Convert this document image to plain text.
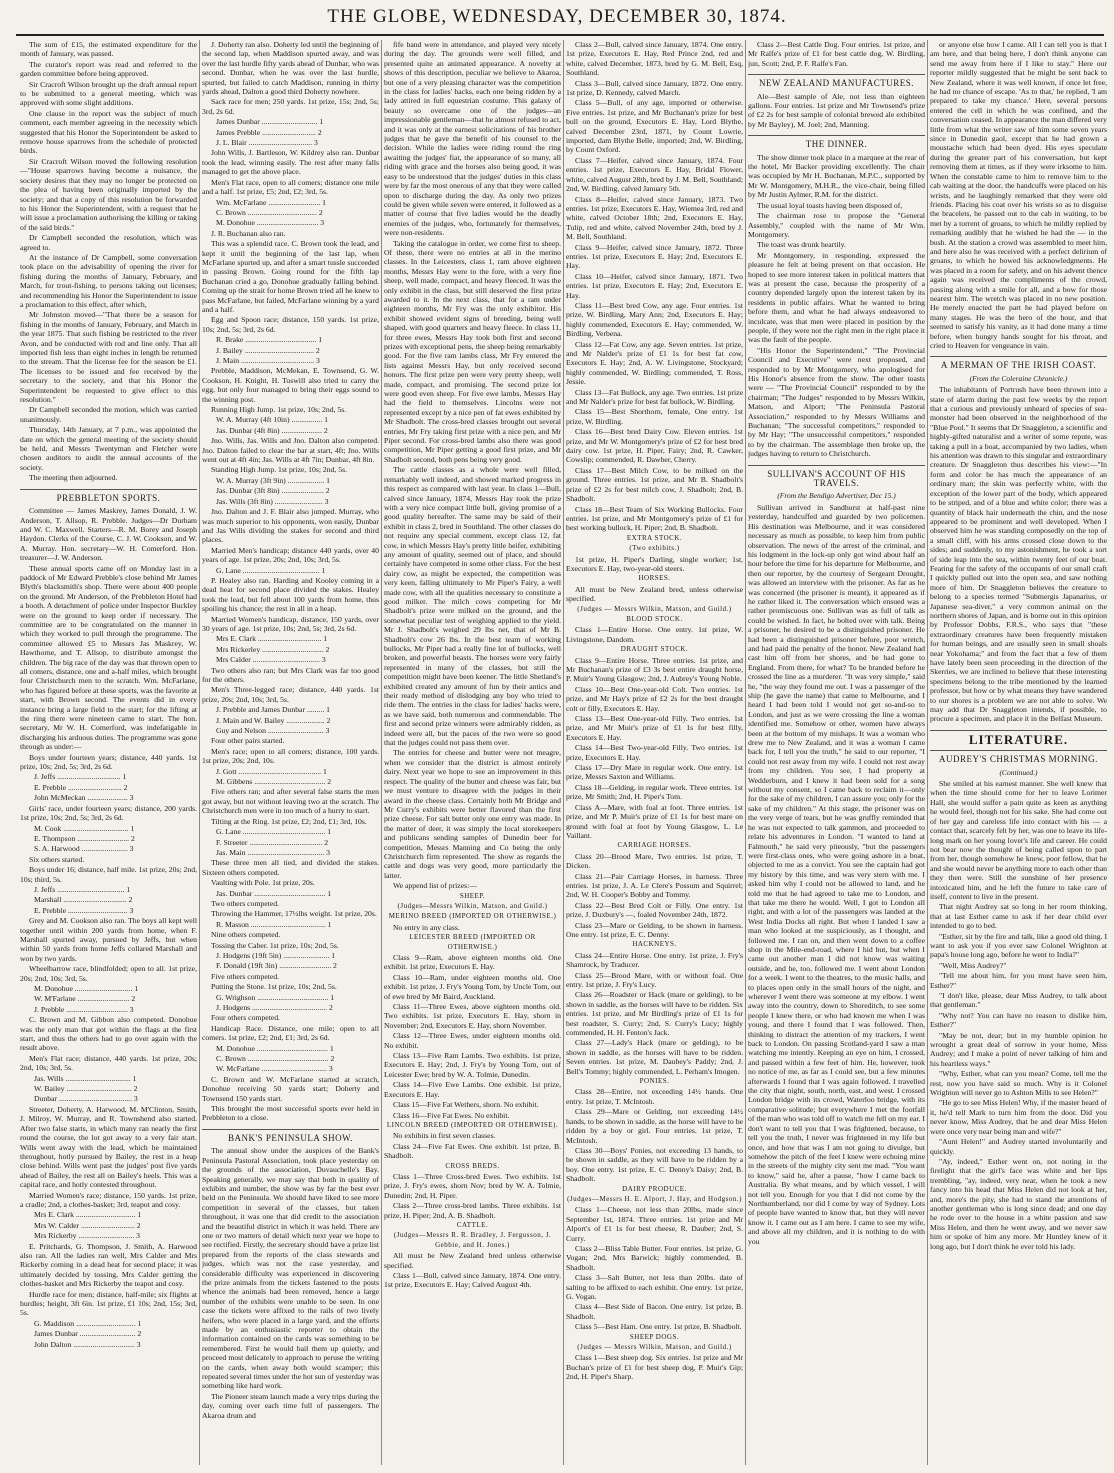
THE GLOBE, WEDNESDAY, DECEMBER 30, 1874.

The sum of £15, the estimated expenditure for the month of January, was passed.

The curator's report was read and referred to the garden committee before being approved.

Sir Cracroft Wilson brought up the draft annual report to be submitted to a general meeting, which was approved with some slight additions.

One clause in the report was the subject of much comment, each member agreeing in the necessity which suggested that his Honor the Superintendent be asked to remove house sparrows from the schedule of protected birds.

Sir Cracroft Wilson moved the following resolution—"House sparrows having become a nuisance, the society desires that they may no longer be protected on the plea of having been originally imported by the society; and that a copy of this resolution be forwarded to his Honor the Superintendent, with a request that he will issue a proclamation authorising the killing or taking of the said birds."

Dr Campbell seconded the resolution, which was agreed to.

At the instance of Dr Campbell, some conversation took place on the advisability of opening the river for fishing during the months of January, February, and March, for trout-fishing, to persons taking out licenses; and recommending his Honor the Superintendent to issue a proclamation to this effect, after which,

Mr Johnston moved—"That there be a season for fishing in the months of January, February, and March in the year 1875. That such fishing be restricted to the river Avon, and be conducted with rod and line only. That all imported fish less than eight inches in length be returned to the stream. That the license fee for the season be £1. The licenses to be issued and fee received by the secretary to the society, and that his Honor the Superintendent be requested to give effect to this resolution."

Dr Campbell seconded the motion, which was carried unanimously.

Thursday, 14th January, at 7 p.m., was appointed the date on which the general meeting of the society should be held, and Messrs Twentyman and Fletcher were chosen auditors to audit the annual accounts of the society.

The meeting then adjourned.

PREBBLETON SPORTS.

Committee — James Maskrey, James Donald, J. W. Anderson, T. Allsop, R. Prebble. Judges—Dr Durham and W. C. Maxwell. Starters—R. M. Borey and Joseph Haydon. Clerks of the Course, C. J. W. Cookson, and W. A. Murray. Hon. secretary—W. H. Comerford. Hon. treasurer—J. W. Anderson.

These annual sports came off on Monday last in a paddock of Mr Edward Prebble's close behind Mr James Blyth's blacksmith's shop. There were about 400 people on the ground. Mr Anderson, of the Prebbleton Hotel had a booth. A detachment of police under Inspector Buckley were on the ground to keep order if necessary. The committee are to be congratulated on the manner in which they worked to pull through the programme. The committee allowed £5 to Messrs Jas Maskrey, W. Hawthorne, and T. Allsop, to distribute amongst the children. The big race of the day was that thrown open to all comers, distance, one and a-half miles, which brought four Christchurch men to the scratch. Wm. McFarlane, who has figured before at these sports, was the favorite at start, with Brown second. The events did in every instance bring a large field to the start; for the lifting at the ring there were nineteen came to start. The hon. secretary, Mr W. H. Comerford, was indefatigable in discharging his arduous duties. The programme was gone through as under:—

Boys under fourteen years; distance, 440 yards. 1st prize, 10s; 2nd, 5s; 3rd, 2s 6d.

J. Jeffs ................................. 1

E. Prebble ............................ 2

John McMeckan ..................... 3

Girls' race, under fourteen years; distance, 200 yards. 1st prize, 10s; 2nd, 5s; 3rd, 2s 6d.

M. Cook .................................. 1

E. Thompson ........................... 2

S. A. Harwood ........................ 3

Six others started.

Boys under 16; distance, half mile. 1st prize, 20s; 2nd, 10s; third, 5s.

J. Jeffs ................................... 1

Marshall ................................. 2

E. Prebble ............................... 3

Grey and M. Cookson also ran. The boys all kept well together until within 200 yards from home, when F. Marshall spurted away, pursued by Jeffs, but when within 50 yards from home Jeffs collared Marshall and won by two yards.

Wheelbarrow race, blindfolded; open to all. 1st prize, 20s; 2nd, 10s; 3rd, 5s.

M. Donohue .............................. 1

W. M'Farlane ........................... 2

J. Prebble ................................ 3

C. Brown and M. Gibbon also competed. Donohue was the only man that got within the flags at the first start, and thus the others had to go over again with the result above.

Men's Flat race; distance, 440 yards. 1st prize, 20s; 2nd, 10s; 3rd, 5s.

Jas. Wills .................................. 1

W. Bailey .................................. 2

Dunbar ...................................... 3

Streeter, Doherty, A. Harwood, M. M'Clinton, Smith, J. Milroy, W. Murray, and R. Townshend also started. After two false starts, in which many ran nearly the first round the course, the lot got away to a very fair start. Wills went away with the lead, which he maintained throughout, hotly pursued by Bailey, the rest in a heap close behind. Wills went past the judges' post five yards ahead of Bailey, the rest all on Bailey's heels. This was a capital race, and hotly contested throughout.

Married Women's race; distance, 150 yards. 1st prize, a cradle; 2nd, a clothes-basket; 3rd, teapot and cosy.

Mrs E. Clark ............................... 1

Mrs W. Calder ............................ 2

Mrs Rickerby ............................. 3

E. Pritchards, G. Thompson, J. Smith, A. Harwood also ran. All the ladies ran well, Mrs Calder and Mrs Rickerby coming in a dead heat for second place; it was ultimately decided by tossing, Mrs Calder getting the clothes-basket and Mrs Rickerby the teapot and cosy.

Hurdle race for men; distance, half-mile; six flights at hurdles; height, 3ft 6in. 1st prize, £1 10s; 2nd, 15s; 3rd, 5s.

G. Maddison ............................... 1

James Dunbar ............................. 2

John Dalton ................................ 3

J. Doherty ran also. Doherty led until the beginning of the second lap, when Maddison spurted away, and was over the last hurdle fifty yards ahead of Dunbar, who was second. Dunbar, when he was over the last hurdle, spurted, but failed to catch Maddison, running in thirty yards ahead, Dalton a good third Doherty nowhere.

Sack race for men; 250 yards. 1st prize, 15s; 2nd, 5s; 3rd, 2s 6d.

James Dunbar ............................. 1

James Prebble ............................ 2

J. L. Blair ................................. 3

John Wills, J. Bartleson, W. Kildrey also ran. Dunbar took the lead, winning easily. The rest after many falls managed to get the above place.

Men's Flat race, open to all comers; distance one mile and a half. 1st prize, £5; 2nd, £2; 3rd, 5s.

Wm. McFarlane ........................... 1

C. Brown .................................... 2

M. Donohue ................................ 3

J. R. Buchanan also ran.

This was a splendid race. C. Brown took the lead, and kept it until the beginning of the last lap, when McFarlane spurted up, and after a smart tussle succeeded in passing Brown. Going round for the fifth lap Buchanan cried a go, Donohue gradually falling behind. Coming up the strait for home Brown tried all he knew to pass McFarlane, but failed, McFarlane winning by a yard and a half.

Egg and Spoon race; distance, 150 yards. 1st prize, 10s; 2nd, 5s; 3rd, 2s 6d.

R. Brake ..................................... 1

J. Bailey .................................... 2

J. Main ...................................... 3

Prebble, Maddison, McMekan, E. Townsend, G. W. Cookson, H. Knight, H. Toswill also tried to carry the egg, but only four managed to bring their eggs sound to the winning post.

Running High Jump. 1st prize, 10s; 2nd, 5s.

W. A. Murray (4ft 10in) ................ 1

Jas. Dunbar (4ft 8in) ..................... 2

Jno. Wills, Jas. Wills and Jno. Dalton also competed. Jno. Dalton failed to clear the bar at start, 4ft; Jno. Wills went out at 4ft 4in; Jas. Wills at 4ft 7in; Dunbar, 4ft 8in.

Standing High Jump. 1st prize, 10s; 2nd, 5s.

W. A. Murray (3ft 9in) ................... 1

Jas. Dunbar (3ft 8in) ...................... 2

Jas. Wills (3ft 8in) ......................... 3

Jno. Dalton and J. F. Blair also jumped. Murray, who was much superior to his opponents, won easily, Dunbar and Jas Wills dividing the stakes for second and third places.

Married Men's handicap; distance 440 yards, over 40 years of age. 1st prize, 20s; 2nd, 10s; 3rd, 5s.

G. Lane ........................................ 1

P. Healey also ran. Harding and Kooley coming in a dead heat for second place divided the stakes. Healey took the lead, but fell about 100 yards from home, thus spoiling his chance; the rest in all in a heap.

Married Women's handicap, distance, 150 yards, over 30 years of age. 1st prize, 10s; 2nd, 5s; 3rd, 2s 6d.

Mrs E. Clark ................................. 1

Mrs Rickerley ................................ 2

Mrs Calder ................................... 3

Two others also ran; but Mrs Clark was far too good for the others.

Men's Three-legged race; distance, 440 yards. 1st prize, 20s; 2nd, 10s; 3rd, 5s.

J. Prebble and James Dunbar ......... 1

J. Main and W. Bailey .................... 2

Guy and Nelson ............................. 3

Four other pairs started.

Men's race; open to all comers; distance, 100 yards. 1st prize, 20s; 2nd, 10s.

J. Gott ........................................... 1

M. Gibbens ..................................... 2

Five others ran; and after several false starts the men got away, but not without leaving two at the scratch. The Christchurch men were in too much of a hurry to start.

Tilting at the Ring. 1st prize, £2; 2nd, £1; 3rd, 10s.

G. Lane ........................................... 1

F. Streeter ...................................... 2

Jas. Main ........................................ 3

These three men all tied, and divided the stakes. Sixteen others competed.

Vaulting with Pole. 1st prize, 20s.

Jas. Dunbar ..................................... 1

Two others competed.

Throwing the Hammer, 17½lbs weight. 1st prize, 20s.

R. Masson ....................................... 1

Nine others competed.

Tossing the Caber. 1st prize, 10s; 2nd, 5s.

J. Hodgens (19ft 5in) ........................ 1

F. Donald (19ft 3in) ........................... 2

Five others competed.

Putting the Stone. 1st prize, 10s; 2nd, 5s.

G. Wrighson ..................................... 1

J. Hodgens ....................................... 2

Four others competed.

Handicap Race. Distance, one mile; open to all comers. 1st prize, £2; 2nd, £1; 3rd, 2s 6d.

M. Donohue ..................................... 1

C. Brown .......................................... 2

W. McFarlane .................................. 3

C. Brown and W. McFarlane started at scratch, Donohue receiving 50 yards start; Doherty and Townsend 150 yards start.

This brought the most successful sports ever held in Prebbleton to a close.

BANK'S PENINSULA SHOW.

The annual show under the auspices of the Bank's Peninsula Pastoral Association, took place yesterday on the grounds of the association, Duvauchelle's Bay. Speaking generally, we may say that both in quality of exhibits and number, the show was by far the best ever held on the Peninsula. We should have liked to see more competition in several of the classes, but taken throughout, it was one that did credit to the association and the beautiful district in which it was held. There are one or two matters of detail which next year we hope to see rectified. Firstly, the secretary should have a prize list prepared from the reports of the class stewards and judges, which was not the case yesterday, and considerable difficulty was experienced in discovering the prize animals from the tickets fastened to the posts whence the animals had been removed, hence a large number of the exhibits were unable to be seen. In one case the tickets were affixed to the rails of two lively heifers, who were placed in a large yard, and the efforts made by an enthusiastic reporter to obtain the information contained on the cards was something to be remembered. First he would bail them up quietly, and proceed most delicately to approach to peruse the writing on the cards, when away both would scamper; this repeated several times under the hot sun of yesterday was something like hard work.

The Pioneer steam launch made a very trips during the day, coming over each time full of passengers. The Akaroa drum and

fife band were in attendance, and played very nicely during the day. The grounds were well filled, and presented quite an animated appearance. A novelty at shows of this description, peculiar we believe to Akaroa, but one of a very pleasing character was the competition in the class for ladies' hacks, each one being ridden by a lady attired in full equestrian costume. This galaxy of beauty so overcame one of the judges—an impressionable gentleman—that he almost refused to act, and it was only at the earnest solicitations of his brother judges that he gave the benefit of his counsel to the decision. While the ladies were riding round the ring awaiting the judges' fiat, the appearance of so many, all riding with grace and the horses also being good, it was easy to be understood that the judges' duties in this class were by far the most onerous of any that they were called upon to discharge during the day. As only two prizes could be given while seven were entered, it followed as a matter of course that five ladies would be the deadly enemies of the judges, who, fortunately for themselves, were non-residents.

Taking the catalogue in order, we come first to sheep. Of these, there were no entries at all in the merino classes. In the Leicesters, class 1, ram above eighteen months, Messrs Hay were to the fore, with a very fine sheep, well made, compact, and heavy fleeced. It was the only exhibit in the class, but still deserved the first prize awarded to it. In the next class, that for a ram under eighteen months, Mr Fry was the only exhibitor. His exhibit showed evident signs of breeding, being well shaped, with good quarters and heavy fleece. In class 11, for three ewes, Messrs Hay took both first and second prizes with exceptional pens, the sheep being remarkably good. For the five ram lambs class, Mr Fry entered the lists against Messrs Hay, but only received second honors. The first prize pen were very pretty sheep, well made, compact, and promising. The second prize lot were good even sheep. For five ewe lambs, Messrs Hay had the field to themselves. Lincolns were not represented except by a nice pen of fat ewes exhibited by Mr Shadbolt. The cross-bred classes brought out several entries, Mr Fry taking first prize with a nice pen, and Mr Piper second. For cross-bred lambs also there was good competition, Mr Piper getting a good first prize, and Mr Shadbolt second, both pens being very good.

The cattle classes as a whole were well filled, remarkably well indeed, and showed marked progress in this respect as compared with last year. In class 1—Bull, calved since January, 1874, Messrs Hay took the prize with a very nice compact little bull, giving promise of a good quality hereafter. The same may be said of their exhibit in class 2, bred in Southland. The other classes do not require any special comment, except class 12, fat cow, in which Messrs Hay's pretty little heifer, exhibiting any amount of quality, seemed out of place, and should certainly have competed in some other class. For the best dairy cow, as might be expected, the competition was very keen, falling ultimately to Mr Piper's Fairy, a well made cow, with all the qualities necessary to constitute a good milker. The milch cows competing for Mr Shadbolt's prize were milked on the ground, and the somewhat peculiar test of weighing applied to the yield. Mr J. Shadbolt's weighed 29 lbs net, that of Mr B. Shadbolt's cow 26 lbs. In the best team of working bullocks, Mr Piper had a really fine lot of bullocks, well broken, and powerful beasts. The horses were very fairly represented in many of the classes, but still the competition might have been keener. The little Shetland's exhibited created any amount of fun by their antics and their ready method of dislodging any boy who tried to ride them. The entries in the class for ladies' hacks were, as we have said, both numerous and commendable. The first and second prize winners were admirably ridden, as indeed were all, but the paces of the two were so good that the judges could not pass them over.

The entries for cheese and butter were not meagre, when we consider that the district is almost entirely dairy. Next year we hope to see an improvement in this respect. The quality of the butter and cheese was fair, but we must venture to disagree with the judges in their award in the cheese class. Certainly both Mr Bridge and Mr Curry's exhibits were better flavored than the first prize cheese. For salt butter only one entry was made. In the matter of deer, it was simply the local storekeepers and publicans sending samples of Dunedin beer for competition, Messrs Manning and Co being the only Christchurch firm represented. The show as regards the cattle and dogs was very good, more particularly the latter.

We append list of prizes:—

SHEEP.
(Judges—Messrs Wilkin, Matson, and Guild.)
MERINO BREED (IMPORTED OR OTHERWISE.)

No entry in any class.

LEICESTER BREED (IMPORTED OR OTHERWISE.)

Class 9—Ram, above eighteen months old. One exhibit. 1st prize, Executors E. Hay.

Class 10—Ram, under eighteen months old. One exhibit. 1st prize, J. Fry's Young Tom, by Uncle Tom, out of ewe bred by Mr Baird, Auckland.

Class 11—Three Ewes, above eighteen months old. Two exhibits. 1st prize, Executors E. Hay, shorn in November; 2nd, Executors E. Hay, shorn November.

Class 12—Three Ewes, under eighteen months old. No exhibit.

Class 13—Five Ram Lambs. Two exhibits. 1st prize, Executors E. Hay; 2nd, J. Fry's by Young Tom, out of Leicester Ewe; bred by W. A. Tolmie, Dunedin.

Class 14—Five Ewe Lambs. One exhibit. 1st prize, Executors E. Hay.

Class 15—Five Fat Wethers, shorn. No exhibit.

Class 16—Five Fat Ewes. No exhibit.

LINCOLN BREED (IMPORTED OR OTHERWISE).

No exhibits in first seven classes.

Class 24—Five Fat Ewes. One exhibit. 1st prize, B. Shadbolt.

CROSS BREDS.

Class 1—Three Cross-bred Ewes. Two exhibits. 1st prize, J. Fry's ewes, shorn Nov; bred by W. A. Tolmie, Dunedin; 2nd, H. Piper.

Class 2—Three cross-bred lambs. Three exhibits. 1st prize, H. Piper; 2nd, A. B. Shadbolt.

CATTLE.
(Judges—Messrs R. R. Bradley, J. Fergusson, J. Gebbie, and H. Jones.)

All must be New Zealand bred unless otherwise specified.

Class 1—Bull, calved since January, 1874. One entry. 1st prize, Executors E. Hay; Calved August 4th.

Class 2—Bull, calved since January, 1874. One entry. 1st prize, Executors E. Hay, Red Prince 2nd, red and white, calved December, 1873, bred by G. M. Bell, Esq, Southland.

Class 3—Bull, calved since January, 1872. One entry. 1st prize, D. Kennedy, calved March.

Class 5—Bull, of any age, imported or otherwise. Five entries. 1st prize, and Mr Buchanan's prize for best bull on the ground, Executors E. Hay, Lord Blythe, calved December 23rd, 1871, by Count Lowrie, imported, dam Blythe Belle, imported; 2nd, W. Birdling, by Count Oxford.

Class 7—Heifer, calved since January, 1874. Four entries. 1st prize, Executors E. Hay, Bridal Flower, white, calved August 28th, bred by J. M. Bell, Southland; 2nd, W. Birdling, calved January 5th.

Class 8—Heifer, calved since January, 1873. Two entries. 1st prize, Executors E. Hay, Wiemea 3rd, red and white, calved October 18th; 2nd, Executors E. Hay, Tulip, red and white, calved November 24th, bred by J. M. Bell, Southland.

Class 9—Heifer, calved since January, 1872. Three entries. 1st prize, Executors E. Hay; 2nd, Executors E. Hay.

Class 10—Heifer, calved since January, 1871. Two entries. 1st prize, Executors E. Hay; 2nd, Executors E. Hay.

Class 11—Best bred Cow, any age. Four entries. 1st prize, W. Birdling, Mary Ann; 2nd, Executors E. Hay; highly commended, Executors E. Hay; commended, W. Birdling, Verbena.

Class 12—Fat Cow, any age. Seven entries. 1st prize, and Mr Nalder's prize of £1 1s for best fat cow, Executors E. Hay; 2nd, A. W. Livingstone, Stockyard; highly commended, W. Birdling; commended, T. Ross, Jessie.

Class 13—Fat Bullock, any age. Two entries. 1st prize and Mr Nalder's prize for best fat bullock, W. Birdling.

Class 15—Best Shorthorn, female, One entry. 1st prize, W. Birdling.

Class 16—Best bred Dairy Cow. Eleven entries. 1st prize, and Mr W. Montgomery's prize of £2 for best bred dairy cow. 1st prize, H. Piper, Fairy; 2nd, R. Cawker, Cowslip; commended, R. Dawber, Cherry.

Class 17—Best Milch Cow, to be milked on the ground. Three entries. 1st prize, and Mr B. Shadbolt's prize of £2 2s for best milch cow, J. Shadbolt; 2nd, B. Shadbolt.

Class 18—Best Team of Six Working Bullocks. Four entries. 1st prize, and Mr Montgomery's prize of £1 for best working bullock, H. Piper; 2nd, B. Shadbolt.

EXTRA STOCK.
(Two exhibits.)

1st prize, H. Piper's Darling, single worker; 1st, Executors E. Hay, two-year-old steers.

HORSES.

All must be New Zealand bred, unless otherwise specified.

(Judges — Messrs Wilkin, Matson, and Guild.)
BLOOD STOCK.

Class 1—Entire Horse. One entry. 1st prize, W. Livingstone, Dandom.

DRAUGHT STOCK.

Class 9—Entire Horse. Three entries. 1st prize, and Mr Buchanan's prize of £3 3s best entire draught horse, P. Muir's Young Glasgow; 2nd, J. Aubrey's Young Noble.

Class 10—Best One-year-old Colt. Two entries. 1st prize, and Mr Hay's prize of £2 2s for the best draught colt or filly, Executors E. Hay.

Class 13—Best One-year-old Filly. Two entries. 1st prize, and Mr Muir's prize of £1 1s for best filly, Executors E. Hay.

Class 14—Best Two-year-old Filly. Two entries. 1st prize, Executors E. Hay.

Class 17—Dry Mare in regular work. One entry. 1st prize, Messrs Saxton and Williams.

Class 18—Gelding, in regular work. Three entries. 1st prize, Mr Smith; 2nd, H. Piper's Tom.

Class A—Mare, with foal at foot. Three entries. 1st prize, and Mr P. Muir's prize of £1 1s for best mare on ground with foal at foot by Young Glasgow, L. Le Vaillant.

CARRIAGE HORSES.

Class 20—Brood Mare, Two entries. 1st prize, T. Dicken.

Class 21—Pair Carriage Horses, in harness. Three entries. 1st prize, J. A. Le Clere's Possum and Squirrel; 2nd, W. H. Cooper's Bobby and Tommy.

Class 22—Best Bred Colt or Filly. One entry. 1st prize, J. Duxbury's —, foaled November 24th, 1872.

Class 23—Mare or Gelding, to be shown in harness. One entry. 1st prize, E. C. Denny.

HACKNEYS.

Class 24—Entire Horse. One entry. 1st prize, J. Fry's Shamrock, by Traducer.

Class 25—Brood Mare, with or without foal. One entry. 1st prize, J. Fry's Lucy.

Class 26—Roadster or Hack (mare or gelding), to be shown in saddle, as the horses will have to be ridden. Six entries. 1st prize, and Mr Birdling's prize of £1 1s for best roadster, S. Curry; 2nd, S. Curry's Lucy; highly commended, H. H. Fenton's Jack.

Class 27—Lady's Hack (mare or gelding), to be shown in saddle, as the horses will have to be ridden. Seven entries. 1st prize, M. Daubey's Paddy; 2nd, J. Bell's Tommy; highly commended, L. Perham's Imogen.

PONIES.

Class 28—Entire, not exceeding 14½ hands. One entry. 1st prize, T. McIntosh.

Class 29—Mare or Gelding, not exceeding 14½ hands, to be shown in saddle, as the horse will have to be ridden by a boy or girl. Four entries. 1st prize, T. McIntosh.

Class 30—Boys' Ponies, not exceeding 13 hands, to be shown in saddle, as they will have to be ridden by a boy. One entry. 1st prize, E. C. Denny's Daisy; 2nd, B. Shadbolt.

DAIRY PRODUCE.
(Judges—Messrs H. E. Alport, J. Hay, and Hodgson.)

Class 1—Cheese, not less than 20lbs, made since September 1st, 1874. Three entries. 1st prize and Mr Alport's of £1 1s for best cheese, R. Dauber; 2nd, S. Curry.

Class 2—Bliss Table Butter. Four entries. 1st prize, G. Vogan; 2nd, Mrs Barwick; highly commended, B. Shadbolt.

Class 3—Salt Butter, not less than 20lbs. date of salting to be affixed to each exhibit. One entry. 1st prize, G. Vogan.

Class 4—Best Side of Bacon. One entry. 1st prize, B. Shadbolt.

Class 5—Best Ham. One entry. 1st prize, B. Shadbolt.

SHEEP DOGS.
(Judges — Messrs Wilkin, Matson, and Guild.)

Class 1—Best sheep dog. Six entries. 1st prize and Mr Buchan's prize of £1 for best sheep dog, P. Muir's Gip; 2nd, H. Piper's Sharp.

Class 2—Best Cattle Dog. Four entries. 1st prize, and Mr Ralfe's prize of £1 for best cattle dog, W. Birdling, jun, Scott; 2nd, P. F. Ralfe's Fan.

NEW ZEALAND MANUFACTURES.

Ale—Best sample of Ale, not less than eighteen gallons. Four entries. 1st prize and Mr Townsend's prize of £2 2s for best sample of colonial brewed ale exhibited by Mr Bayley), M. Joel; 2nd, Manning.

THE DINNER.

The show dinner took place in a marquee at the rear of the hotel, Mr Backer providing excellently. The chair was occupied by Mr H. Buchanan, M.P.C., supported by Mr W. Montgomery, M.H.R., the vice-chair, being filled by Mr Justin Aylmer, R.M. for the district.

The usual loyal toasts having been disposed of,

The chairman rose to propose the "General Assembly," coupled with the name of Mr Wm. Montgomery.

The toast was drunk heartily.

Mr Montgomery, in responding, expressed the pleasure he felt at being present on that occasion. He hoped to see more interest taken in political matters that was at present the case, because the prosperity of a country depended largely upon the interest taken by its residents in public affairs. What he wanted to bring before them, and what he had always endeavored to inculcate, was that men were placed in position by the people, if they were not the right men in the right place it was the fault of the people.

"His Honor the Superintendent," "The Provincial Council and Executive" were next proposed, and responded to by Mr Montgomery, who apologised for His Honor's absence from the show. The other toasts were — "The Provincial Council" responded to by the chairman; "The Judges" responded to by Messrs Wilkin, Matson, and Alport; "The Peninsula Pastoral Association," responded to by Messrs Williams and Buchanan; "The successful competitors," responded to by Mr Hay; "The unsuccessful competitors," responded to by the chairman. The assemblage then broke up, the judges having to return to Christchurch.

SULLIVAN'S ACCOUNT OF HIS TRAVELS.
(From the Bendigo Advertiser, Dec 15.)

Sullivan arrived in Sandhurst at half-past nine yesterday, handcuffed and guarded by two policemen. His destination was Melbourne, and it was considered necessary as much as possible, to keep him from public observation. The news of the arrest of the criminal, and his lodgment in the lock-up only got wind about half an hour before the time for his departure for Melbourne, and then our reporter, by the courtesy of Sergeant Drought, was allowed an interview with the prisoner. As far as he was concerned (the prisoner is meant), it appeared as if he rather liked it. The conversation which ensued was a rather promiscuous one. Sullivan was as full of talk as could be wished. In fact, he bolted over with talk. Being a prisoner, he desired to be a distinguished prisoner. He had been a distinguished prisoner before, poor wretch, and had paid the penalty of the honor. New Zealand had cast him off from her shores, and he had gone to England. From there, for what? To be branded before he crossed the line as a murderer. "It was very simple," said he, "the way they found me out. I was a passenger of the ship (he gave the name) that came to Melbourne, and I heard I had been told I would not get so-and-so to London, and just as we were crossing the line a woman identified me. Somehow or other, women have always been at the bottom of my mishaps. It was a woman who drew me to New Zealand, and it was a woman I came back for, I tell you the truth," he said to our reporter, "I could not rest away from my wife. I could not rest away from my children. You see, I had property at Wedderburn, and I knew it had been sold for a song without my consent, so I came back to reclaim it—only for the sake of my children, I can assure you; only for the sake of my children." At this stage, the prisoner was on the very verge of tears, but he was gruffly reminded that he was not expected to talk gammon, and proceeded to relate his adventures in London. "I wanted to land at Falmouth," he said very piteously, "but the passengers were first-class ones, who were going ashore in a boat, objected to me as a convict. You see the captain had got my history by this time, and was very stern with me. I asked him why I could not be allowed to land, and he told me that he had agreed to take me to London, and that take me there he would. Well, I got to London all right, and with a lot of the passengers was landed at the West India Docks all right. But when I landed I saw a man who looked at me suspiciously, as I thought, and followed me. I ran on, and then went down to a coffee shop in the Mile-end-road, where I hid but, but when I came out another man I did not know was waiting outside, and he, too, followed me. I went about London for a week. I went to the theatres, to the music halls, and to places open only in the small hours of the night, and wherever I went there was someone at my elbow. I went away into the country, down to Shoreditch, to see some people I knew there, or who had known me when I was young, and there I found that I was followed. Then, thinking to distract the attention of my trackers, I went back to London. On passing Scotland-yard I saw a man watching me intently. Keeping an eye on him, I crossed, and passed within a few feet of him. He, however, took no notice of me, as far as I could see, but a few minutes afterwards I found that I was again followed. I travelled the city that night, south, north, east, and west. I crossed London bridge with its crowd, Waterloo bridge, with its comparative solitude; but everywhere I met the footfall of the man who was told off to watch me fell on my ear. I don't want to tell you that I was frightened, because, to tell you the truth, I never was frightened in my life but once, and how that was I am not going to divulge, but somehow the pitch of the feet I knew were echoing mine in the streets of the mighty city sent me mad. "You want to know," said he, after a pause, "how I came back to Australia. By what means, and by which vessel, I will not tell you. Enough for you that I did not come by the Northumberland, nor did I come by way of Sydney. Lots of people have wanted to know that, but they will never know it. I came out as I am here. I came to see my wife, and above all my children, and it is nothing to do with you

or anyone else how I came. All I can tell you is that I am here, and that being here, I don't think anyone can send me away from here if I like to stay." Here our reporter mildly suggested that he might be sent back to New Zealand, where it was well known, if once let free, he had no chance of escape. 'As to that,' he replied, 'I am prepared to take my chance.' Here, several persons entered the cell in which he was confined, and the conversation ceased. In appearance the man differed very little from what the writer saw of him some seven years since in Dunedin gaol, except that he had grown a moustache which had been dyed. His eyes speculate during the greater part of his conversation, but kept removing them at times, as if they were irksome to him. When the constable came to him to remove him to the cab waiting at the door, the handcuffs were placed on his wrists, and he laughingly remarked that they were old friends. Placing his coat over his wrists so as to disguise the bracelets, he passed out to the cab in waiting, to be met by a torrent of groans, to which he mildly replied by remarking audibly that he wished he had the — in the bush. At the station a crowd was assembled to meet him, and here also he was received with a perfect delirium of groans, to which he bowed his acknowledgments. He was placed in a room for safety, and on his advent thence again was received the compliments of the crowd, passing along with a smile for all, and a bow for those nearest him. The wretch was placed in no new position. He merely enacted the part he had played before on many stages. He was the hero of the hour, and that seemed to satisfy his vanity, as it had done many a time before, when hungry hands sought for his throat, and cried to Heaven for vengeance in vain.

A MERMAN OF THE IRISH COAST.
(From the Coleraine Chronicle.)

The inhabitants of Portrush have been thrown into a state of alarm during the past few weeks by the report that a curious and previously unheard of species of sea-monster had been observed in the neighborhood of the "Blue Pool." It seems that Dr Snaggleton, a scientific and highly-gifted naturalist and a writer of some repute, was taking a pull in a boat, accompanied by two ladies, when his attention was drawn to this singular and extraordinary creature. Dr Snaggleton thus describes his view:—"In form and color he has much the appearance of an ordinary man; the skin was perfectly white, with the exception of the lower part of the body, which appeared to be striped, and of a blue and white color; there was a quantity of black hair underneath the chin, and the nose appeared to be prominent and well developed. When I observed him he was standing composedly on the top of a small cliff, with his arms crossed close down to the sides; and suddenly, to my astonishment, he took a sort of side leap into the sea, within twenty feet of our boat. Fearing for the safety of the occupants of our small craft I quickly pulled out into the open sea, and saw nothing more of him. Dr Snaggleton believes the creature to belong to a species termed "Submergis Japanarius, or Japanese sea-diver," a very common animal on the northern shores of Japan, and is borne out in this opinion by Professor Dobbs, F.R.S., who says that "these extraordinary creatures have been frequently mistaken for human beings, and are usually seen in small shoals near Yokohama;" and from the fact that a few of them have lately been seen proceeding in the direction of the Skerries, we are inclined to believe that these interesting specimens belong to the tribe mentioned by the learned professor, but how or by what means they have wandered to our shores is a problem we are not able to solve. We may add that Dr Snaggleton intends, if possible, to procure a specimen, and place it in the Belfast Museum.

LITERATURE.
AUDREY'S CHRISTMAS MORNING.
(Continued.)

She smiled at his earnest manner. She well knew that when the time should come for her to leave Lorimer Hall, she would suffer a pain quite as keen as anything he would feel, though not for his sake. She had come out of her gay and careless life into contact with his — a contact that, scarcely felt by her, was one to leave its life-long mark on her young lover's life and career. He could not bear now the thought of being called upon to part from her, though somehow he knew, poor fellow, that he and she would never be anything more to each other than they then were. Still the sunshine of her presence intoxicated him, and he left the future to take care of itself, content to live in the present.

That night Audrey sat so long in her room thinking, that at last Esther came to ask if her dear child ever intended to go to bed.

"Esther, sit by the fire and talk, like a good old thing. I want to ask you if you ever saw Colonel Wrighton at papa's house long ago, before he went to India?"

"Well, Miss Audrey?"

"Tell me about him, for you must have seen him, Esther?"

"I don't like, please, dear Miss Audrey, to talk about that gentleman."

"Why not? You can have no reason to dislike him, Esther?"

"May be not, dear; but in my humble opinion he wrought a great deal of sorrow in your home, Miss Audrey; and I make a point of never talking of him and his heartless ways."

"Why, Esther, what can you mean? Come, tell me the rest, now you have said so much. Why is it Colonel Wrighton will never go to Ashton Mills to see Helen?"

"He go to see Miss Helen! Why, if the master heard of it, he'd tell Mark to turn him from the door. Did you never know, Miss Audrey, that he and dear Miss Helen were once very near being man and wife?"

"Aunt Helen!" and Audrey started involuntarily and quickly.

"Ay, indeed," Esther went on, not noting in the firelight that the girl's face was white and her lips trembling, "ay, indeed, very near, when he took a new fancy into his head that Miss Helen did not look at her, and, more's the pity, she had to stand the attentions of another gentleman who is long since dead; and one day he rode over to the house in a white passion and saw Miss Helen, and then he went away, and we never saw him or spoke of him any more. Mr Huntley knew of it long ago, but I don't think he ever told his lady.
